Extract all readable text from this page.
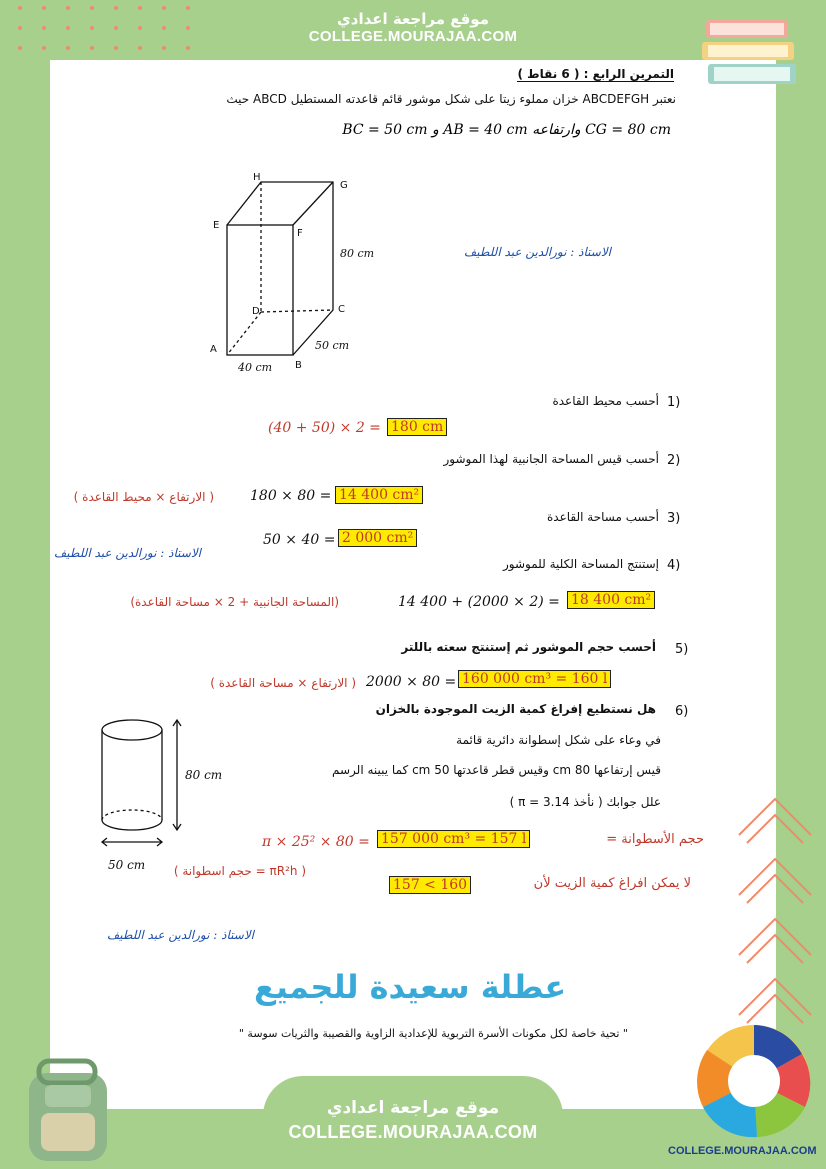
موقع مراجعة اعدادي
COLLEGE.MOURAJAA.COM
التمرين الرابع : ( 6 نقاط )
نعتبر ABCDEFGH خزان مملوء زيتا على شكل موشور قائم قاعدته المستطيل ABCD حيث
CG = 80 cm وارتفاعه AB = 40 cm و BC = 50 cm
H
G
E
F
D	C
A
B
80 cm
50 cm
40 cm
الاستاذ : نورالدين عبد اللطيف
1)
أحسب محيط القاعدة
(40 + 50) × 2 = 180 cm
2)
أحسب قيس المساحة الجانبية لهذا الموشور
( الارتفاع × محيط القاعدة )	180 × 80 = 14 400 cm²
3)
أحسب مساحة القاعدة
50 × 40 = 2 000 cm²
الاستاذ : نورالدين عبد اللطيف
4)
إستنتج المساحة الكلية للموشور
(المساحة الجانبية + 2 × مساحة القاعدة)	14 400 + (2000 × 2) = 18 400 cm²
5)
أحسب حجم الموشور ثم إستنتج سعته باللتر
( الارتفاع × مساحة القاعدة ) 2000 × 80 = 160 000 cm³ = 160 l
6)
هل نستطيع إفراغ كمية الزيت الموجودة بالخزان
في وعاء على شكل إسطوانة دائرية قائمة
قيس إرتفاعها 80 cm وقيس قطر قاعدتها 50 cm كما يبينه الرسم
علل جوابك ( نأخذ π = 3.14 )
80 cm
50 cm
π × 25² × 80 = 157 000 cm³ = 157 l	حجم الأسطوانة =
( πR²h = حجم اسطوانة )
157 < 160	لا يمكن افراغ كمية الزيت لأن
الاستاذ : نورالدين عبد اللطيف
عطلة سعيدة للجميع
" تحية خاصة لكل مكونات الأسرة التربوية للإعدادية الزاوية والقصيبة والثريات سوسة "
موقع مراجعة اعدادي
COLLEGE.MOURAJAA.COM
COLLEGE.MOURAJAA.COM
